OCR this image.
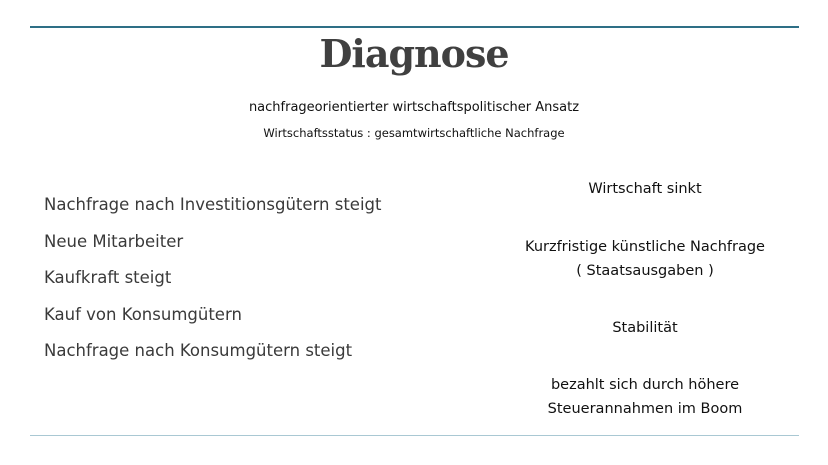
Diagnose
nachfrageorientierter wirtschaftspolitischer Ansatz
Wirtschaftsstatus : gesamtwirtschaftliche Nachfrage
Nachfrage nach Investitionsgütern steigt
Neue Mitarbeiter
Kaufkraft steigt
Kauf von Konsumgütern
Nachfrage nach Konsumgütern steigt
Wirtschaft sinkt
Kurzfristige künstliche Nachfrage
( Staatsausgaben )
Stabilität
bezahlt sich durch höhere
Steuerannahmen im Boom
